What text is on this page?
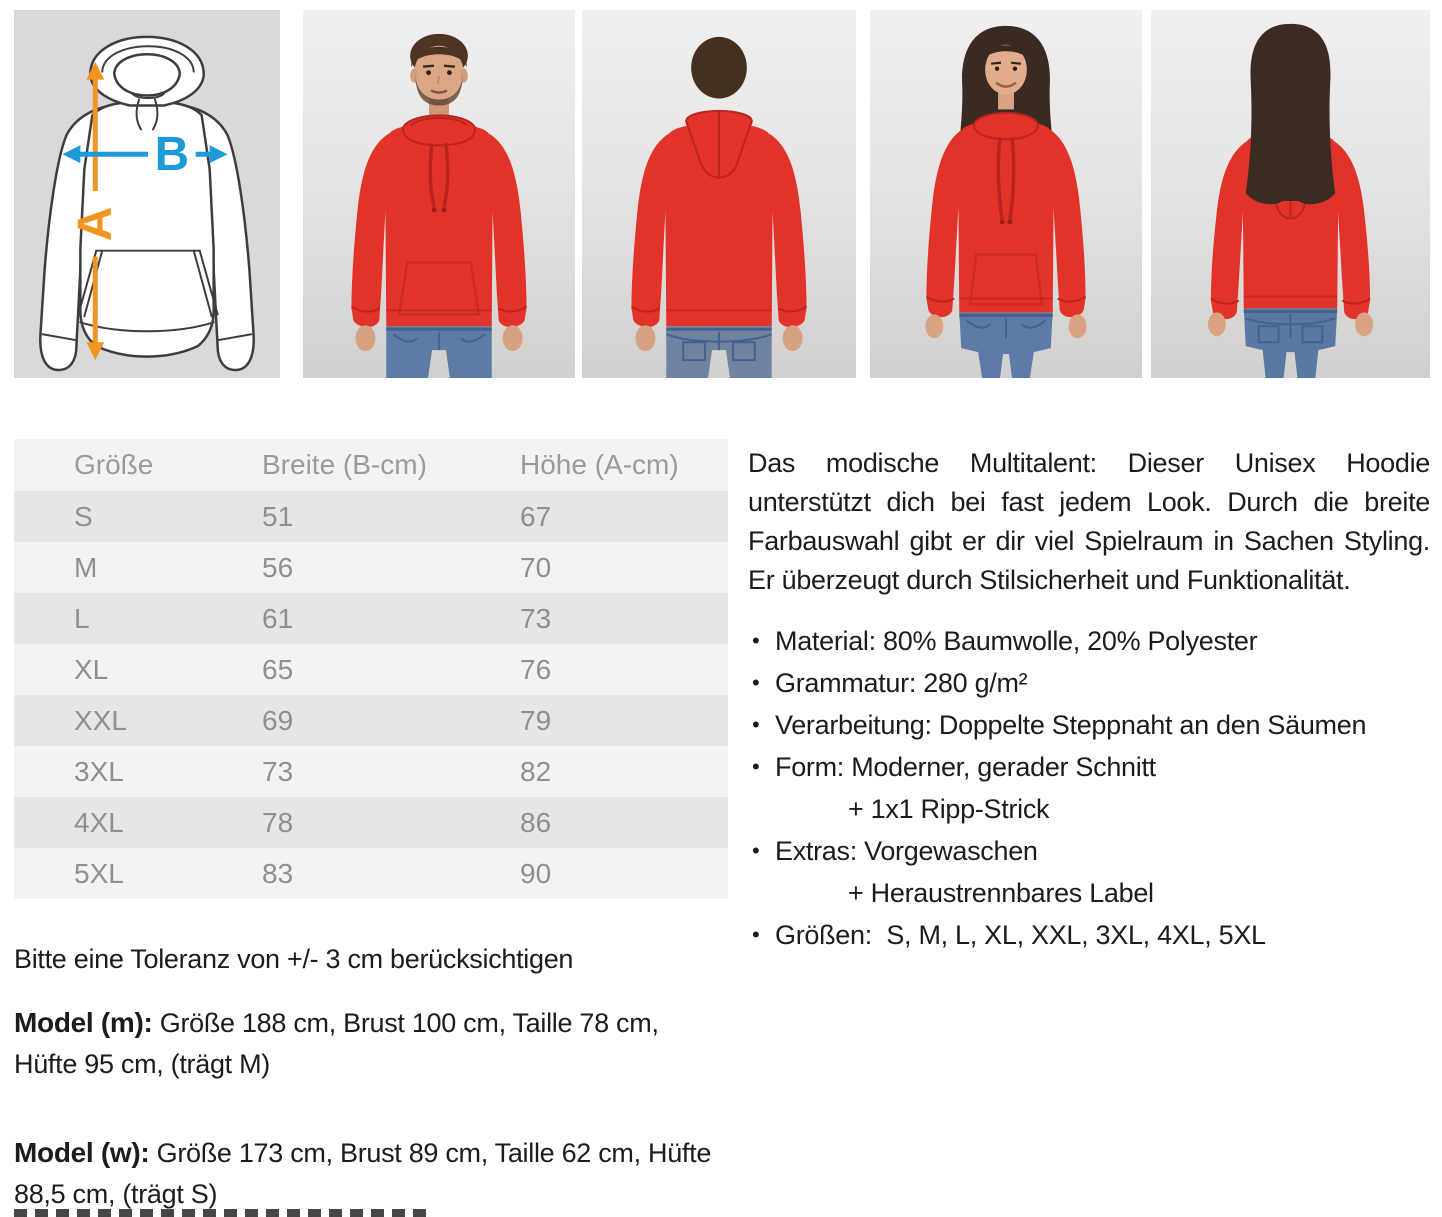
A
B
Größe	Breite (B-cm)	Höhe (A-cm)
S	51	67
M	56	70
L	61	73
XL	65	76
XXL	69	79
3XL	73	82
4XL	78	86
5XL	83	90
Bitte eine Toleranz von +/- 3 cm berücksichtigen
Model (m): Größe 188 cm, Brust 100 cm, Taille 78 cm, Hüfte 95 cm, (trägt M)
Model (w): Größe 173 cm, Brust 89 cm, Taille 62 cm, Hüfte 88,5 cm, (trägt S)
Das modische Multitalent: Dieser Unisex Hoodie unterstützt dich bei fast jedem Look. Durch die breite Farbauswahl gibt er dir viel Spielraum in Sachen Styling. Er überzeugt durch Stilsicherheit und Funktionalität.
• Material: 80% Baumwolle, 20% Polyester
• Grammatur: 280 g/m²
• Verarbeitung: Doppelte Steppnaht an den Säumen
• Form: Moderner, gerader Schnitt
+ 1x1 Ripp-Strick
• Extras: Vorgewaschen
+ Heraustrennbares Label
• Größen:  S, M, L, XL, XXL, 3XL, 4XL, 5XL
